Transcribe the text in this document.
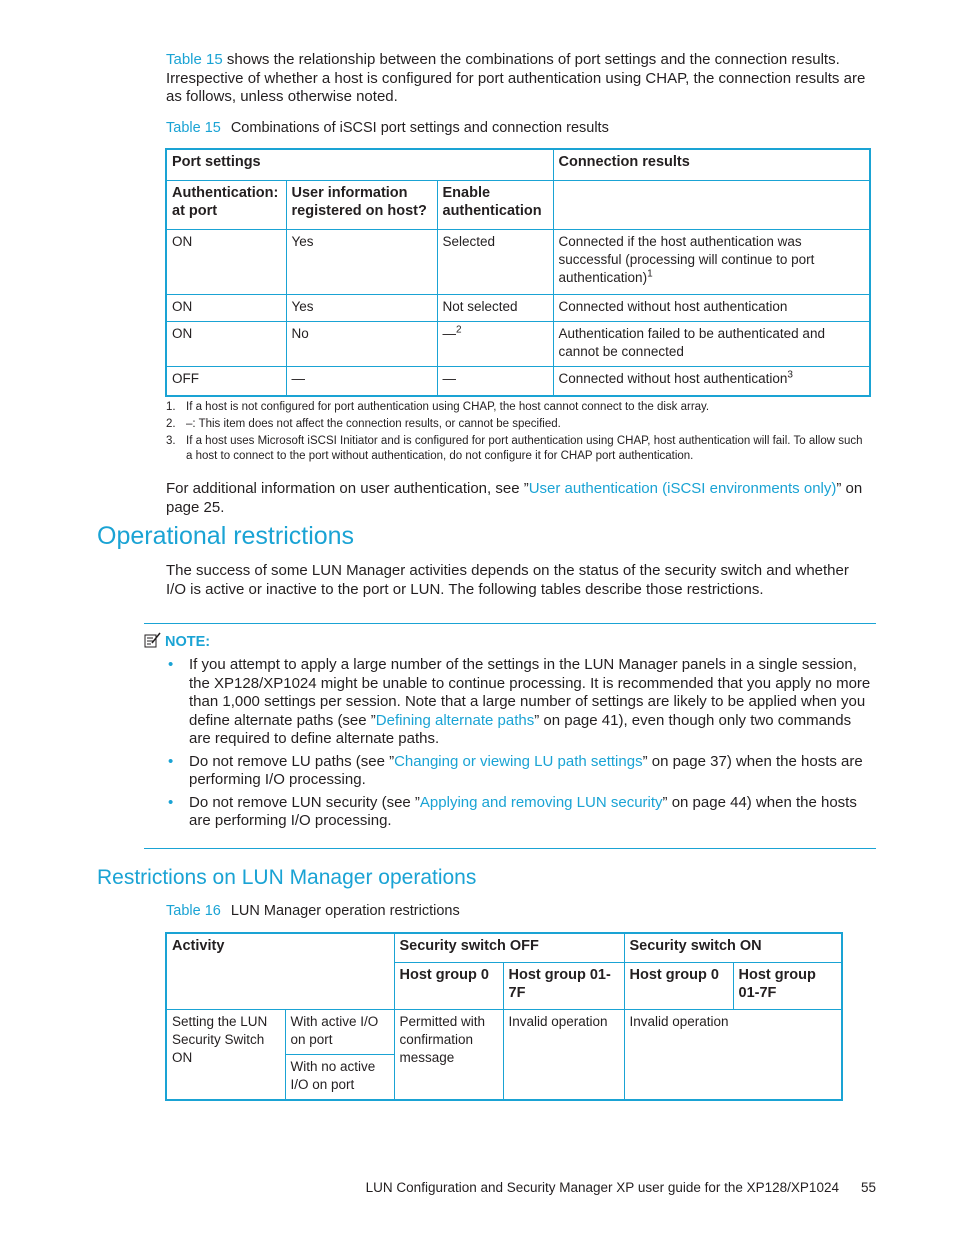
Table 15 shows the relationship between the combinations of port settings and the connection results. Irrespective of whether a host is configured for port authentication using CHAP, the connection results are as follows, unless otherwise noted.

Table 15 Combinations of iSCSI port settings and connection results

Port settings			Connection results
Authentication: at port	User information registered on host?	Enable authentication	
ON	Yes	Selected	Connected if the host authentication was successful (processing will continue to port authentication)$^1$
ON	Yes	Not selected	Connected without host authentication
ON	No	—$^2$	Authentication failed to be authenticated and cannot be connected
OFF	—	—	Connected without host authentication$^3$
1. If a host is not configured for port authentication using CHAP, the host cannot connect to the disk array.
2. –: This item does not affect the connection results, or cannot be specified.
3. If a host uses Microsoft iSCSI Initiator and is configured for port authentication using CHAP, host authentication will fail. To allow such a host to connect to the port without authentication, do not configure it for CHAP port authentication.

For additional information on user authentication, see ”User authentication (iSCSI environments only)” on page 25.

Operational restrictions

The success of some LUN Manager activities depends on the status of the security switch and whether I/O is active or inactive to the port or LUN. The following tables describe those restrictions.

NOTE:
• If you attempt to apply a large number of the settings in the LUN Manager panels in a single session, the XP128/XP1024 might be unable to continue processing. It is recommended that you apply no more than 1,000 settings per session. Note that a large number of settings are likely to be applied when you define alternate paths (see ”Defining alternate paths” on page 41), even though only two commands are required to define alternate paths.
• Do not remove LU paths (see ”Changing or viewing LU path settings” on page 37) when the hosts are performing I/O processing.
• Do not remove LUN security (see ”Applying and removing LUN security” on page 44) when the hosts are performing I/O processing.
Restrictions on LUN Manager operations

Table 16 LUN Manager operation restrictions

Activity		Security switch OFF		Security switch ON	
		Host group 0	Host group 01-7F	Host group 0	Host group 01-7F
Setting the LUN Security Switch ON	With active I/O on port	Permitted with confirmation message	Invalid operation	Invalid operation	
	With no active I/O on port				
LUN Configuration and Security Manager XP user guide for the XP128/XP1024 55
